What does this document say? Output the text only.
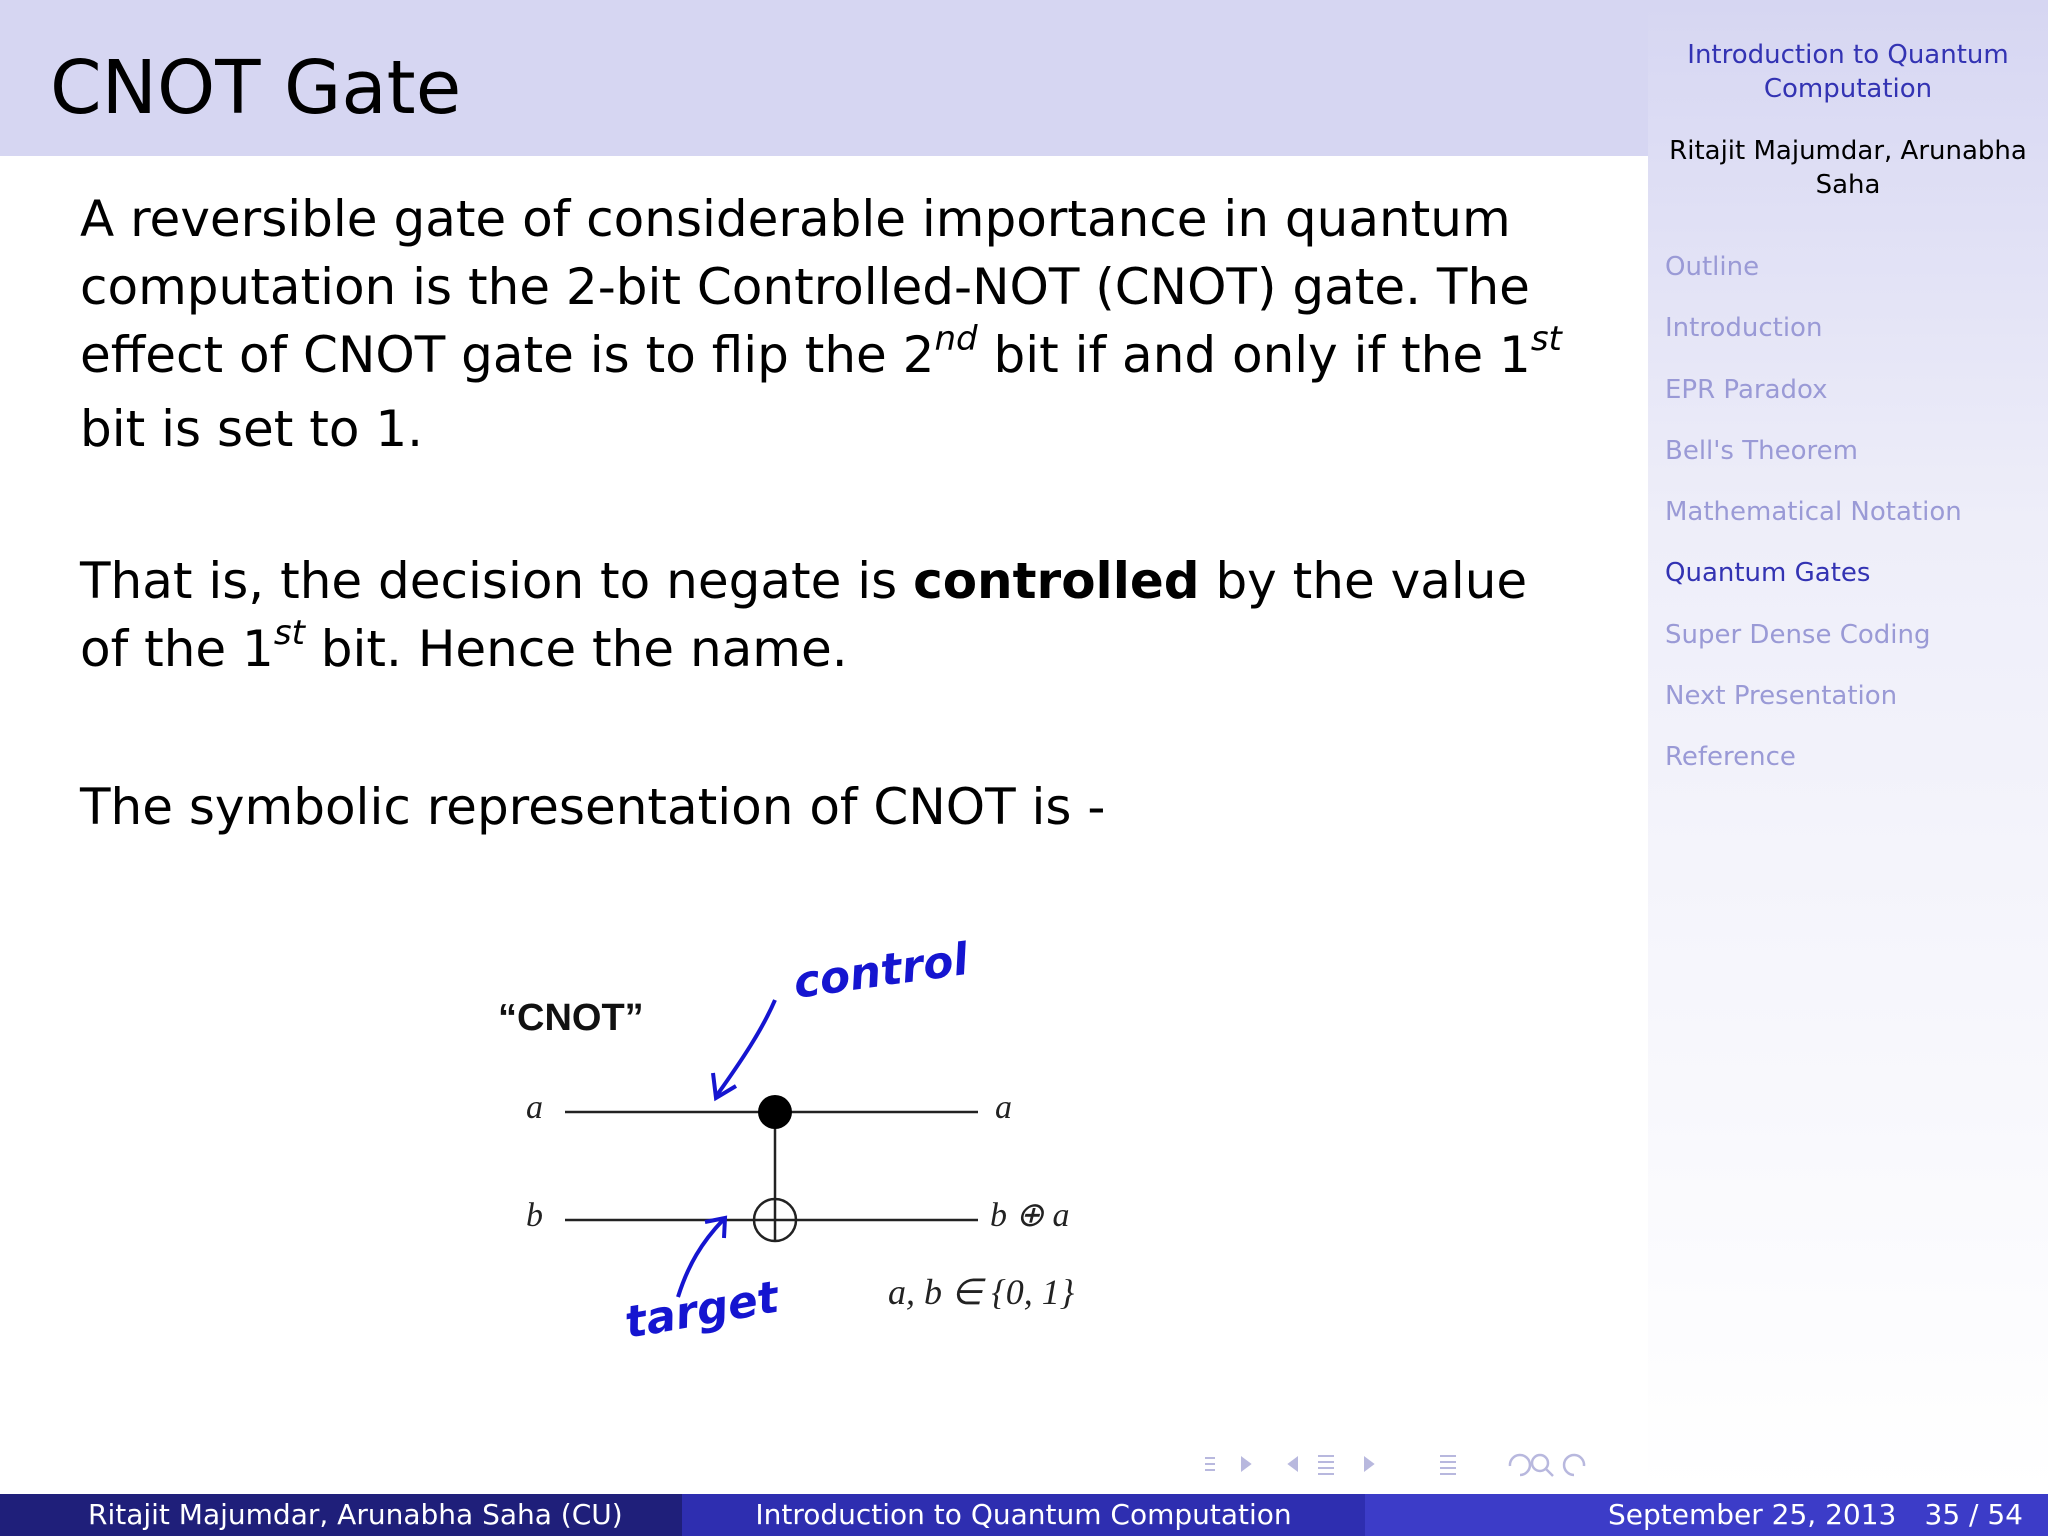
CNOT Gate	Introduction to Quantum Computation
Ritajit Majumdar, Arunabha Saha
Outline
Introduction
EPR Paradox
Bell's Theorem
Mathematical Notation
Quantum Gates
Super Dense Coding
Next Presentation
Reference

A reversible gate of considerable importance in quantum computation is the 2-bit Controlled-NOT (CNOT) gate. The effect of CNOT gate is to flip the 2nd bit if and only if the 1st bit is set to 1.

That is, the decision to negate is controlled by the value of the 1st bit. Hence the name.

The symbolic representation of CNOT is -

“CNOT”
a
b
a
b ⊕ a
a, b ∈ {0, 1}
control
target
Ritajit Majumdar, Arunabha Saha (CU)	Introduction to Quantum Computation	September 25, 2013 35 / 54
